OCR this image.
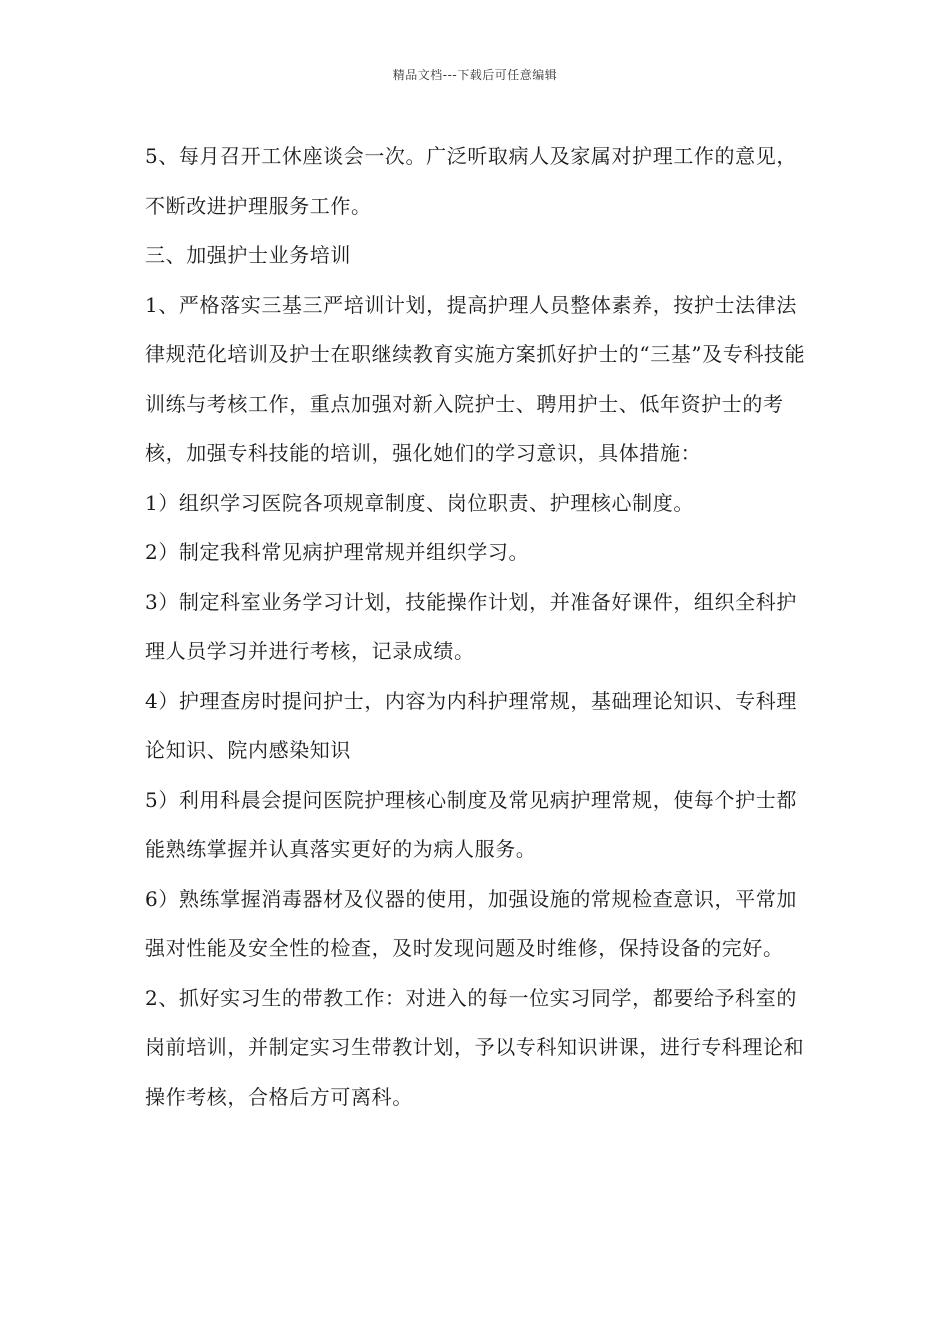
精品文档---下载后可任意编辑

5、每月召开工休座谈会一次。广泛听取病人及家属对护理工作的意见，不断改进护理服务工作。

三、加强护士业务培训

1、严格落实三基三严培训计划，提高护理人员整体素养，按护士法律法律规范化培训及护士在职继续教育实施方案抓好护士的“三基”及专科技能训练与考核工作，重点加强对新入院护士、聘用护士、低年资护士的考核，加强专科技能的培训，强化她们的学习意识，具体措施：

1）组织学习医院各项规章制度、岗位职责、护理核心制度。

2）制定我科常见病护理常规并组织学习。

3）制定科室业务学习计划，技能操作计划，并准备好课件，组织全科护理人员学习并进行考核，记录成绩。

4）护理查房时提问护士，内容为内科护理常规，基础理论知识、专科理论知识、院内感染知识

5）利用科晨会提问医院护理核心制度及常见病护理常规，使每个护士都能熟练掌握并认真落实更好的为病人服务。

6）熟练掌握消毒器材及仪器的使用，加强设施的常规检查意识，平常加强对性能及安全性的检查，及时发现问题及时维修，保持设备的完好。

2、抓好实习生的带教工作：对进入的每一位实习同学，都要给予科室的岗前培训，并制定实习生带教计划，予以专科知识讲课，进行专科理论和操作考核，合格后方可离科。
